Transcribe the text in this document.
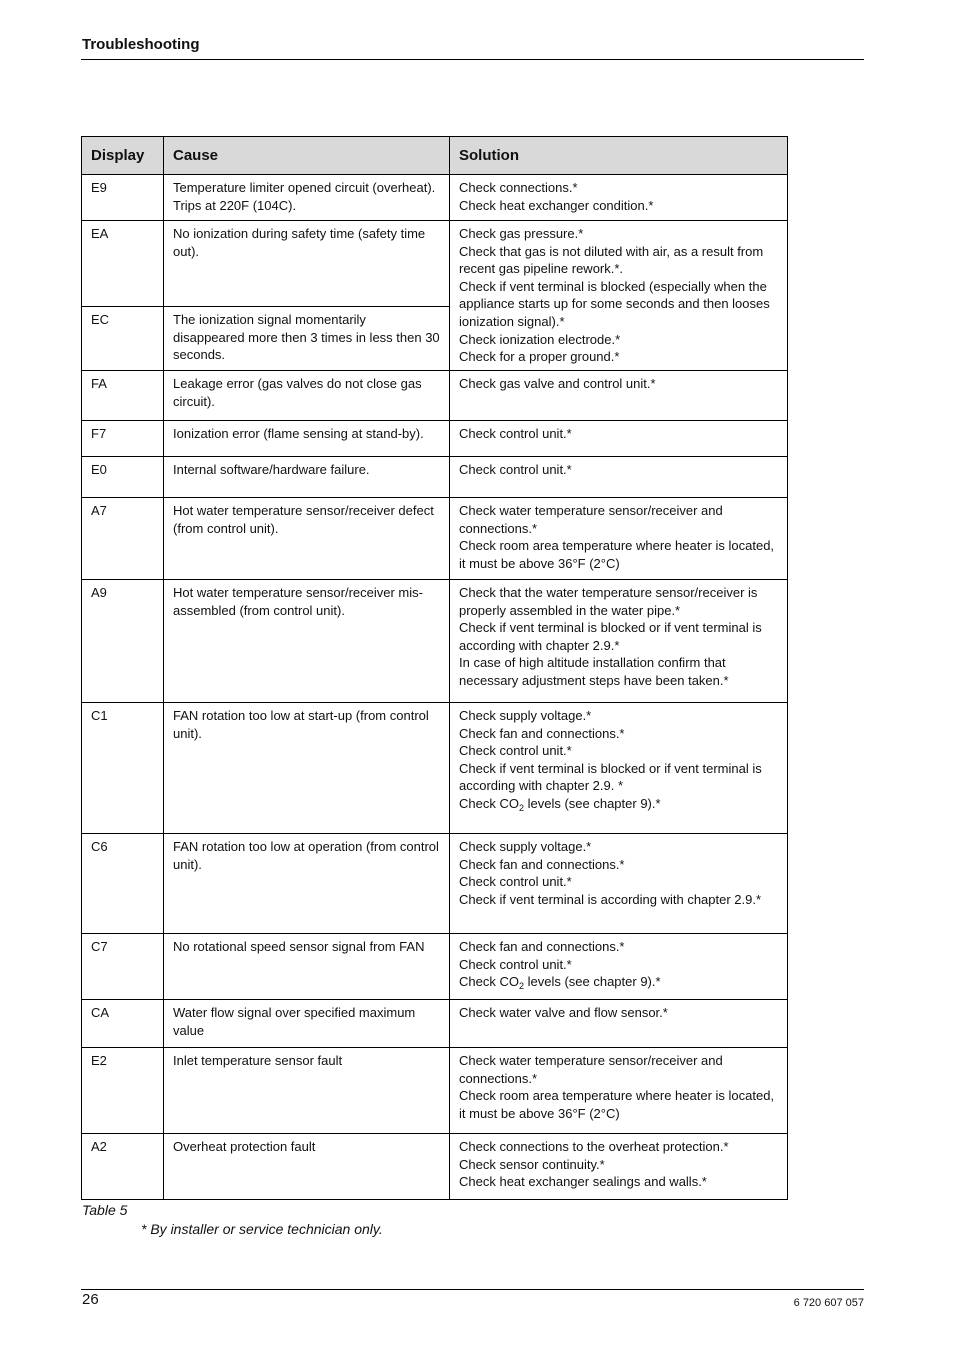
Troubleshooting
Display	Cause	Solution
E9	Temperature limiter opened circuit (overheat). Trips at 220F (104C).	Check connections.*
Check heat exchanger condition.*

EA	No ionization during safety time (safety time out).	Check gas pressure.*
Check that gas is not diluted with air, as a result from recent gas pipeline rework.*.
Check if vent terminal is blocked (especially when the appliance starts up for some seconds and then looses ionization signal).*
Check ionization electrode.*
Check for a proper ground.*

EC	The ionization signal momentarily disappeared more then 3 times in less then 30 seconds.	
FA	Leakage error (gas valves do not close gas circuit).	Check gas valve and control unit.*

F7	Ionization error (flame sensing at stand-by).	Check control unit.*

E0	Internal software/hardware failure.	Check control unit.*

A7	Hot water temperature sensor/receiver defect (from control unit).	Check water temperature sensor/receiver and connections.*
Check room area temperature where heater is located, it must be above 36°F (2°C)

A9	Hot water temperature sensor/receiver mis-assembled (from control unit).	Check that the water temperature sensor/receiver is properly assembled in the water pipe.*
Check if vent terminal is blocked or if vent terminal is according with chapter 2.9.*
In case of high altitude installation confirm that necessary adjustment steps have been taken.*

C1	FAN rotation too low at start-up (from control unit).	Check supply voltage.*
Check fan and connections.*
Check control unit.*
Check if vent terminal is blocked or if vent terminal is according with chapter 2.9. *
Check $CO_2$ levels (see chapter 9).*

C6	FAN rotation too low at operation (from control unit).	Check supply voltage.*
Check fan and connections.*
Check control unit.*
Check if vent terminal is according with chapter 2.9.*

C7	No rotational speed sensor signal from FAN	Check fan and connections.*
Check control unit.*
Check $CO_2$ levels (see chapter 9).*

CA	Water flow signal over specified maximum value	Check water valve and flow sensor.*

E2	Inlet temperature sensor fault	Check water temperature sensor/receiver and connections.*
Check room area temperature where heater is located, it must be above 36°F (2°C)

A2	Overheat protection fault	Check connections to the overheat protection.*
Check sensor continuity.*
Check heat exchanger sealings and walls.*
Table 5
* By installer or service technician only.
26	6 720 607 057
